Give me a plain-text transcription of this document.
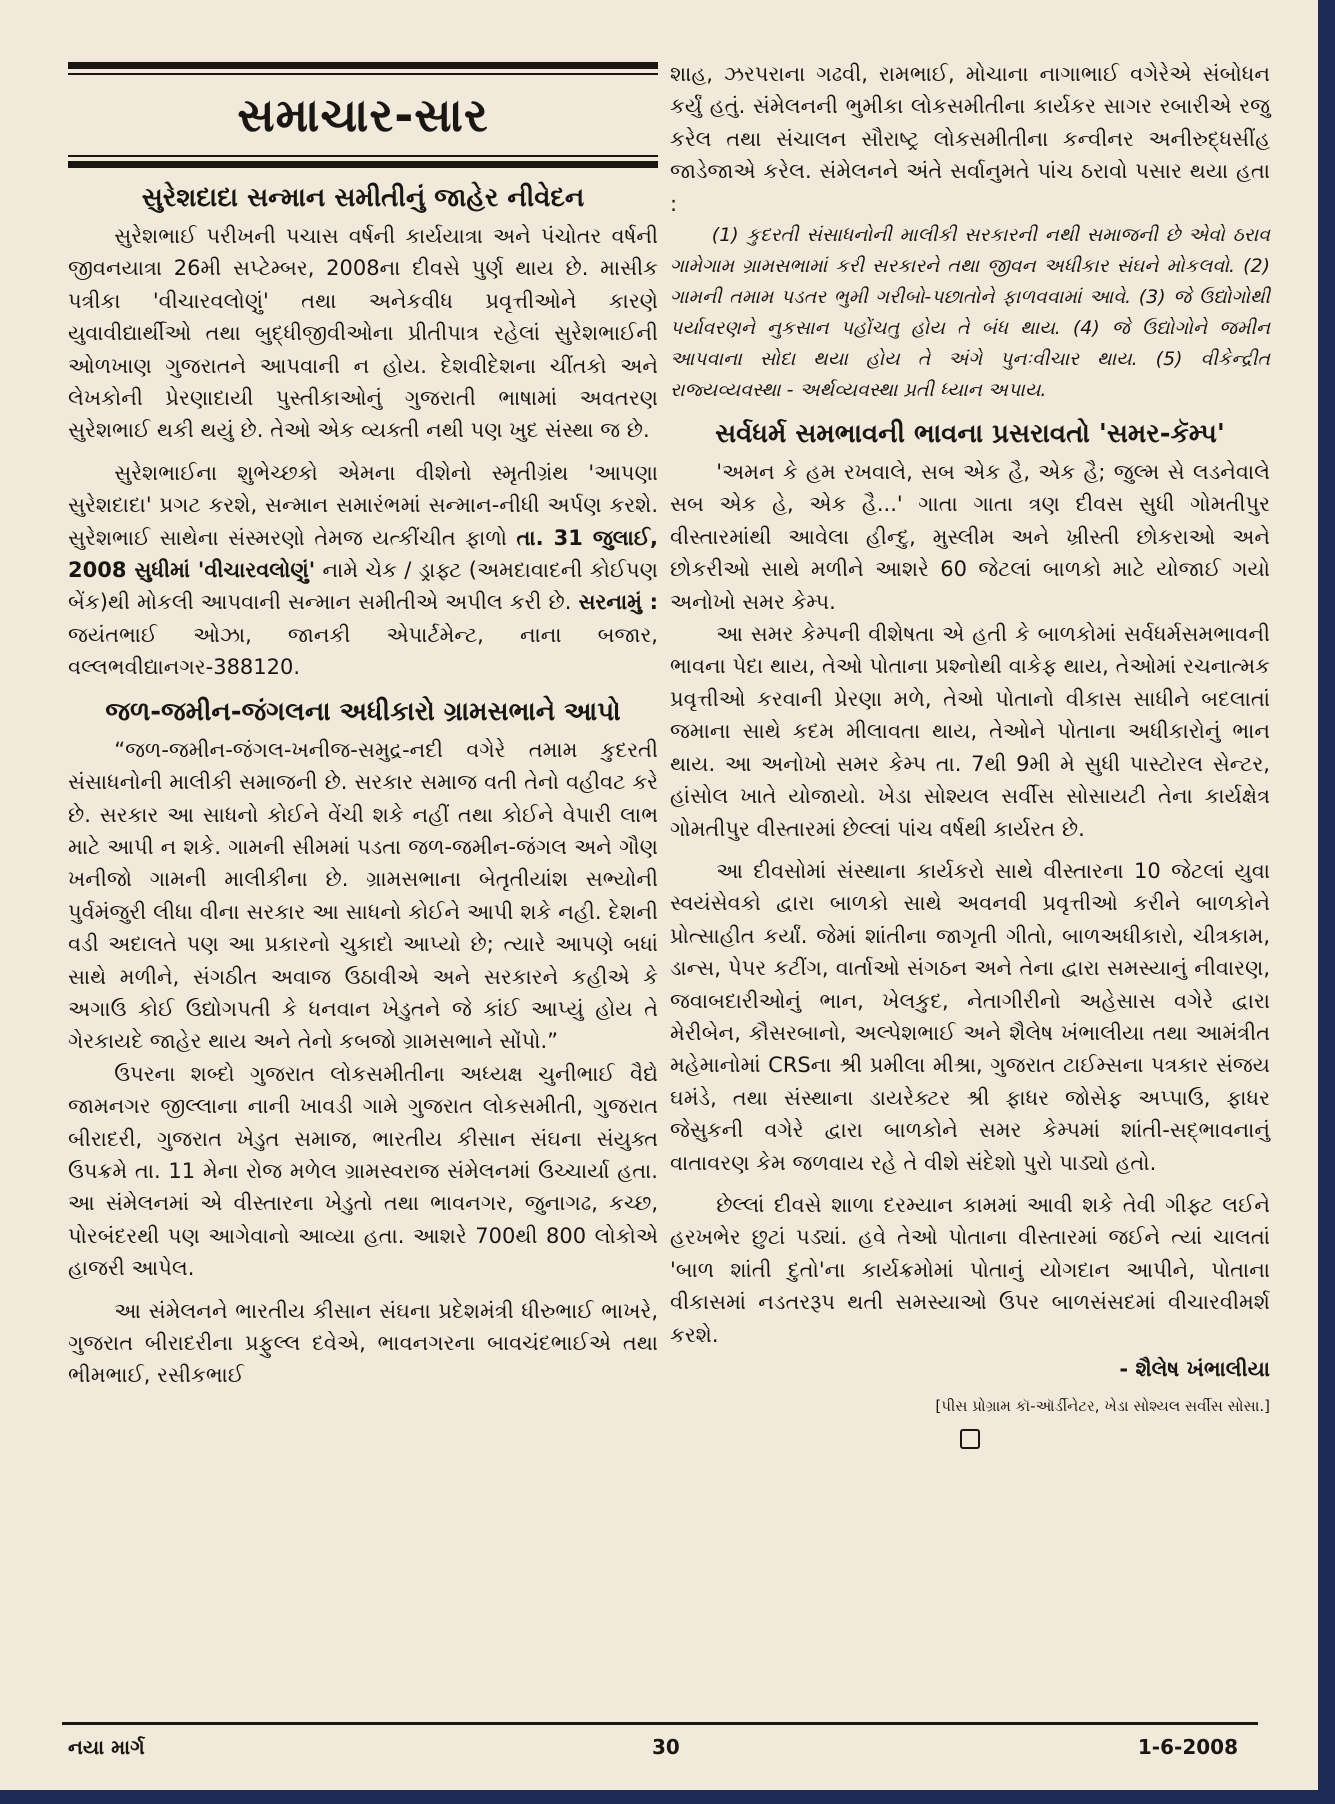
સમાચાર-સાર
સુરેશદાદા સન્માન સમીતીનું જાહેર નીવેદન

સુરેશભાઈ પરીખની પચાસ વર્ષની કાર્યયાત્રા અને પંચોતર વર્ષની જીવનયાત્રા 26મી સપ્ટેમ્બર, 2008ના દીવસે પુર્ણ થાય છે. માસીક પત્રીકા 'વીચારવલોણું' તથા અનેકવીધ પ્રવૃત્તીઓને કારણે યુવાવીદ્યાર્થીઓ તથા બુદ્ધીજીવીઓના પ્રીતીપાત્ર રહેલાં સુરેશભાઈની ઓળખાણ ગુજરાતને આપવાની ન હોય. દેશવીદેશના ચીંતકો અને લેખકોની પ્રેરણાદાયી પુસ્તીકાઓનું ગુજરાતી ભાષામાં અવતરણ સુરેશભાઈ થકી થયું છે. તેઓ એક વ્યક્તી નથી પણ ખુદ સંસ્થા જ છે.

સુરેશભાઈના શુભેચ્છકો એમના વીશેનો સ્મૃતીગ્રંથ 'આપણા સુરેશદાદા' પ્રગટ કરશે, સન્માન સમારંભમાં સન્માન-નીધી અર્પણ કરશે. સુરેશભાઈ સાથેના સંસ્મરણો તેમજ યત્કીંચીત ફાળો તા. 31 જુલાઈ, 2008 સુધીમાં 'વીચારવલોણું' નામે ચેક / ડ્રાફ્ટ (અમદાવાદની કોઈપણ બેંક)થી મોકલી આપવાની સન્માન સમીતીએ અપીલ કરી છે. સરનામું : જયંતભાઈ ઓઝા, જાનકી એપાર્ટમેન્ટ, નાના બજાર, વલ્લભવીદ્યાનગર-388120.

જળ-જમીન-જંગલના અધીકારો ગ્રામસભાને આપો

“જળ-જમીન-જંગલ-ખનીજ-સમુદ્ર-નદી વગેરે તમામ કુદરતી સંસાધનોની માલીકી સમાજની છે. સરકાર સમાજ વતી તેનો વહીવટ કરે છે. સરકાર આ સાધનો કોઈને વેંચી શકે નહીં તથા કોઈને વેપારી લાભ માટે આપી ન શકે. ગામની સીમમાં પડતા જળ-જમીન-જંગલ અને ગૌણ ખનીજો ગામની માલીકીના છે. ગ્રામસભાના બેતૃતીયાંશ સભ્યોની પુર્વમંજુરી લીધા વીના સરકાર આ સાધનો કોઈને આપી શકે નહી. દેશની વડી અદાલતે પણ આ પ્રકારનો ચુકાદો આપ્યો છે; ત્યારે આપણે બધાં સાથે મળીને, સંગઠીત અવાજ ઉઠાવીએ અને સરકારને કહીએ કે અગાઉ કોઈ ઉદ્યોગપતી કે ધનવાન ખેડુતને જે કાંઈ આપ્યું હોય તે ગેરકાયદે જાહેર થાય અને તેનો કબજો ગ્રામસભાને સોંપો.”

ઉપરના શબ્દો ગુજરાત લોકસમીતીના અધ્યક્ષ ચુનીભાઈ વૈદ્યે જામનગર જીલ્લાના નાની ખાવડી ગામે ગુજરાત લોકસમીતી, ગુજરાત બીરાદરી, ગુજરાત ખેડુત સમાજ, ભારતીય કીસાન સંઘના સંયુક્ત ઉપક્રમે તા. 11 મેના રોજ મળેલ ગ્રામસ્વરાજ સંમેલનમાં ઉચ્ચાર્યા હતા. આ સંમેલનમાં એ વીસ્તારના ખેડુતો તથા ભાવનગર, જુનાગઢ, કચ્છ, પોરબંદરથી પણ આગેવાનો આવ્યા હતા. આશરે 700થી 800 લોકોએ હાજરી આપેલ.

આ સંમેલનને ભારતીય કીસાન સંઘના પ્રદેશમંત્રી ધીરુભાઈ ભાખરે, ગુજરાત બીરાદરીના પ્રફુલ્લ દવેએ, ભાવનગરના બાવચંદભાઈએ તથા ભીમભાઈ, રસીકભાઈ

શાહ, ઝરપરાના ગઢવી, રામભાઈ, મોચાના નાગાભાઈ વગેરેએ સંબોધન કર્યું હતું. સંમેલનની ભુમીકા લોકસમીતીના કાર્યકર સાગર રબારીએ રજુ કરેલ તથા સંચાલન સૌરાષ્ટ્ર લોકસમીતીના કન્વીનર અનીરુદ્ધસીંહ જાડેજાએ કરેલ. સંમેલનને અંતે સર્વાનુમતે પાંચ ઠરાવો પસાર થયા હતા :

(1) કુદરતી સંસાધનોની માલીકી સરકારની નથી સમાજની છે એવો ઠરાવ ગામેગામ ગ્રામસભામાં કરી સરકારને તથા જીવન અધીકાર સંઘને મોકલવો. (2) ગામની તમામ પડતર ભુમી ગરીબો-પછાતોને ફાળવવામાં આવે. (3) જે ઉદ્યોગોથી પર્યાવરણને નુકસાન પહોંચતુ હોય તે બંધ થાય. (4) જે ઉદ્યોગોને જમીન આપવાના સોદા થયા હોય તે અંગે પુનઃવીચાર થાય. (5) વીકેન્દ્રીત રાજ્યવ્યવસ્થા - અર્થવ્યવસ્થા પ્રતી ધ્યાન અપાય.

સર્વધર્મ સમભાવની ભાવના પ્રસરાવતો 'સમર-કૅમ્પ'

'અમન કે હમ રખવાલે, સબ એક હૈ, એક હૈ; જુલ્મ સે લડનેવાલે સબ એક હે, એક હૈ...' ગાતા ગાતા ત્રણ દીવસ સુધી ગોમતીપુર વીસ્તારમાંથી આવેલા હીન્દુ, મુસ્લીમ અને ખ્રીસ્તી છોકરાઓ અને છોકરીઓ સાથે મળીને આશરે 60 જેટલાં બાળકો માટે યોજાઈ ગયો અનોખો સમર કેમ્પ.

આ સમર કેમ્પની વીશેષતા એ હતી કે બાળકોમાં સર્વધર્મસમભાવની ભાવના પેદા થાય, તેઓ પોતાના પ્રશ્નોથી વાકેફ થાય, તેઓમાં રચનાત્મક પ્રવૃત્તીઓ કરવાની પ્રેરણા મળે, તેઓ પોતાનો વીકાસ સાધીને બદલાતાં જમાના સાથે કદમ મીલાવતા થાય, તેઓને પોતાના અધીકારોનું ભાન થાય. આ અનોખો સમર કેમ્પ તા. 7થી 9મી મે સુધી પાસ્ટોરલ સેન્ટર, હાંસોલ ખાતે યોજાયો. ખેડા સોશ્યલ સર્વીસ સોસાયટી તેના કાર્યક્ષેત્ર ગોમતીપુર વીસ્તારમાં છેલ્લાં પાંચ વર્ષથી કાર્યરત છે.

આ દીવસોમાં સંસ્થાના કાર્યકરો સાથે વીસ્તારના 10 જેટલાં યુવા સ્વયંસેવકો દ્વારા બાળકો સાથે અવનવી પ્રવૃત્તીઓ કરીને બાળકોને પ્રોત્સાહીત કર્યાં. જેમાં શાંતીના જાગૃતી ગીતો, બાળઅધીકારો, ચીત્રકામ, ડાન્સ, પેપર કટીંગ, વાર્તાઓ સંગઠન અને તેના દ્વારા સમસ્યાનું નીવારણ, જવાબદારીઓનું ભાન, ખેલકુદ, નેતાગીરીનો અહેસાસ વગેરે દ્વારા મેરીબેન, કૌસરબાનો, અલ્પેશભાઈ અને શૈલેષ ખંભાલીયા તથા આમંત્રીત મહેમાનોમાં CRSના શ્રી પ્રમીલા મીશ્રા, ગુજરાત ટાઈમ્સના પત્રકાર સંજય ઘમંડે, તથા સંસ્થાના ડાયરેક્ટર શ્રી ફાધર જોસેફ અપ્પાઉ, ફાધર જેસુકની વગેરે દ્વારા બાળકોને સમર કેમ્પમાં શાંતી-સદ્ભાવનાનું વાતાવરણ કેમ જળવાય રહે તે વીશે સંદેશો પુરો પાડ્યો હતો.

છેલ્લાં દીવસે શાળા દરમ્યાન કામમાં આવી શકે તેવી ગીફ્ટ લઈને હરખભેર છુટાં પડ્યાં. હવે તેઓ પોતાના વીસ્તારમાં જઈને ત્યાં ચાલતાં 'બાળ શાંતી દુતો'ના કાર્યક્રમોમાં પોતાનું યોગદાન આપીને, પોતાના વીકાસમાં નડતરરૂપ થતી સમસ્યાઓ ઉપર બાળસંસદમાં વીચારવીમર્શ કરશે.

- શૈલેષ ખંભાલીયા
[પીસ પ્રોગ્રામ કૉ-ઑર્ડીનેટર, ખેડા સોશ્યલ સર્વીસ સોસા.]
નયા માર્ગ	30	1-6-2008
